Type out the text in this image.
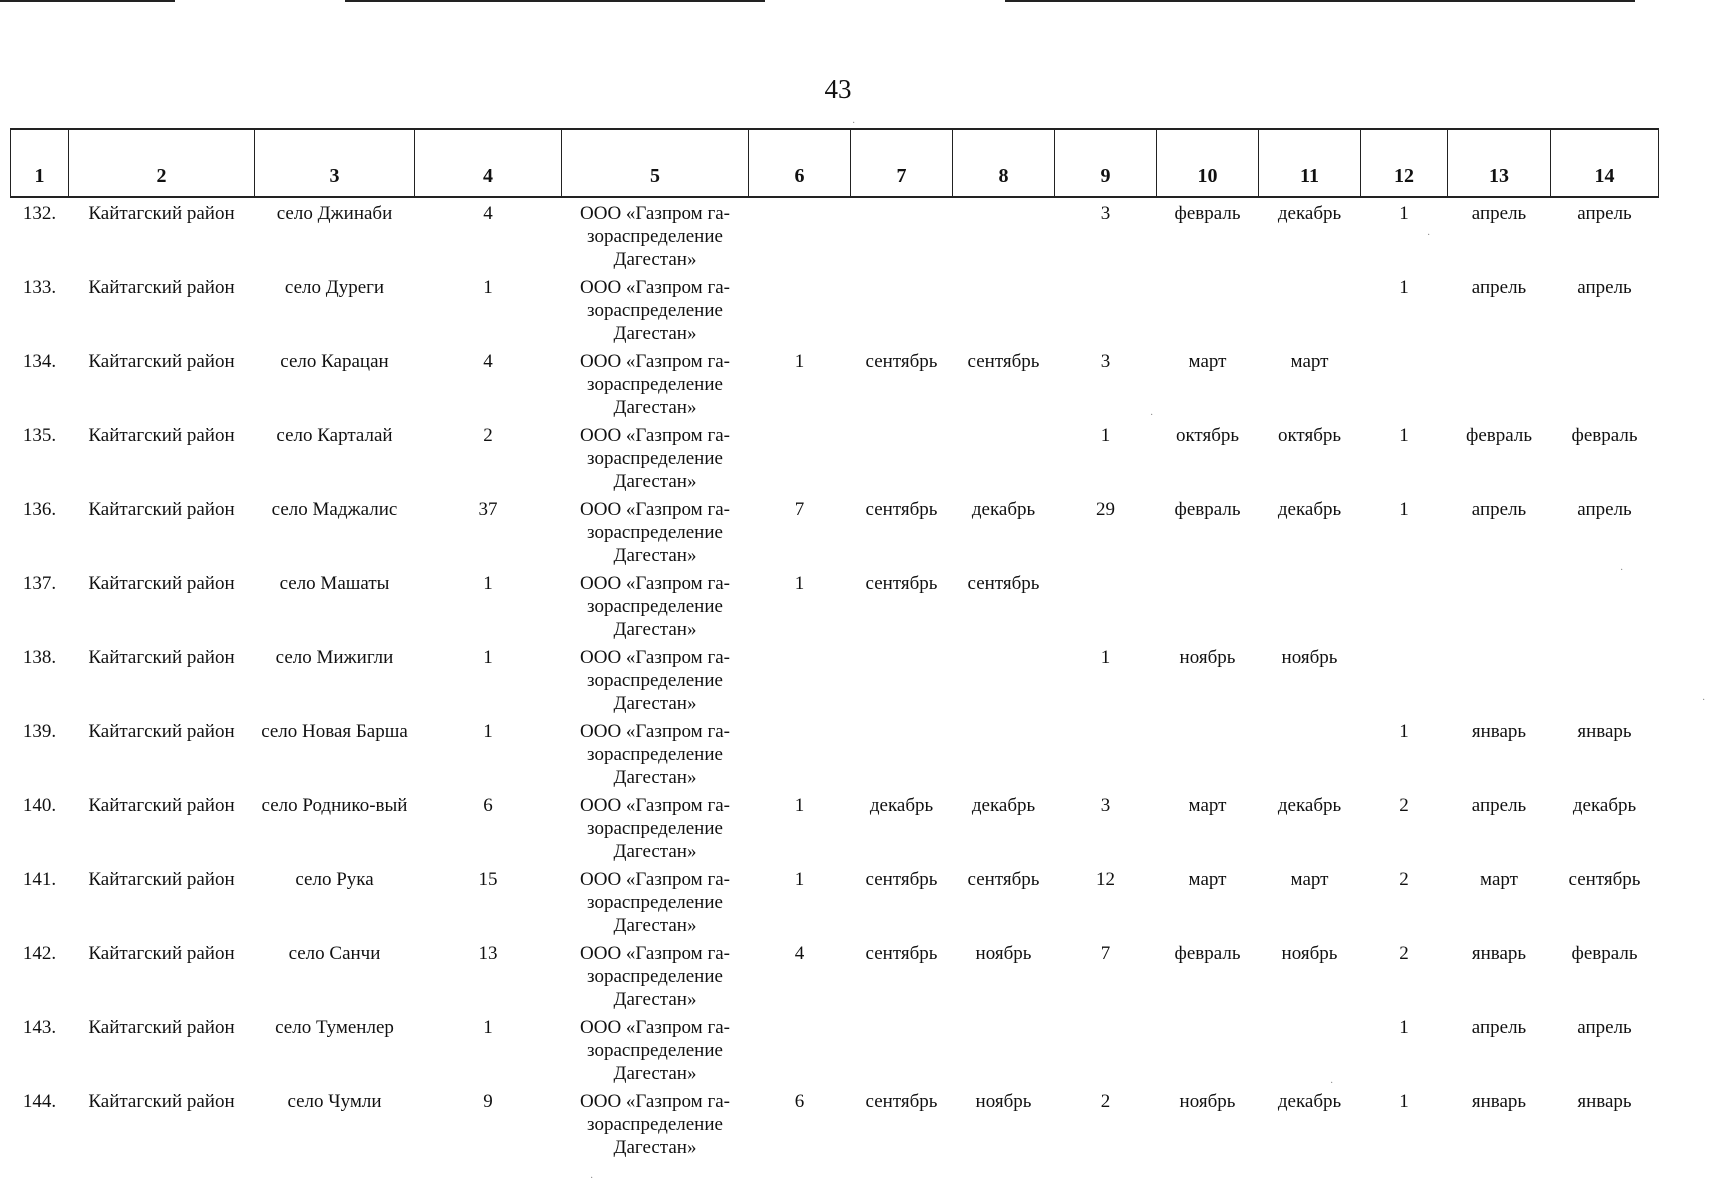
43
1	2	3	4	5	6	7	8	9	10	11	12	13	14
132.	Кайтагский район	село Джинаби	4	ООО «Газпром га-зораспределение Дагестан»				3	февраль	декабрь	1	апрель	апрель
133.	Кайтагский район	село Дуреги	1	ООО «Газпром га-зораспределение Дагестан»							1	апрель	апрель
134.	Кайтагский район	село Карацан	4	ООО «Газпром га-зораспределение Дагестан»	1	сентябрь	сентябрь	3	март	март			
135.	Кайтагский район	село Карталай	2	ООО «Газпром га-зораспределение Дагестан»				1	октябрь	октябрь	1	февраль	февраль
136.	Кайтагский район	село Маджалис	37	ООО «Газпром га-зораспределение Дагестан»	7	сентябрь	декабрь	29	февраль	декабрь	1	апрель	апрель
137.	Кайтагский район	село Машаты	1	ООО «Газпром га-зораспределение Дагестан»	1	сентябрь	сентябрь						
138.	Кайтагский район	село Мижигли	1	ООО «Газпром га-зораспределение Дагестан»				1	ноябрь	ноябрь			
139.	Кайтагский район	село Новая Барша	1	ООО «Газпром га-зораспределение Дагестан»							1	январь	январь
140.	Кайтагский район	село Роднико-вый	6	ООО «Газпром га-зораспределение Дагестан»	1	декабрь	декабрь	3	март	декабрь	2	апрель	декабрь
141.	Кайтагский район	село Рука	15	ООО «Газпром га-зораспределение Дагестан»	1	сентябрь	сентябрь	12	март	март	2	март	сентябрь
142.	Кайтагский район	село Санчи	13	ООО «Газпром га-зораспределение Дагестан»	4	сентябрь	ноябрь	7	февраль	ноябрь	2	январь	февраль
143.	Кайтагский район	село Туменлер	1	ООО «Газпром га-зораспределение Дагестан»							1	апрель	апрель
144.	Кайтагский район	село Чумли	9	ООО «Газпром га-зораспределение Дагестан»	6	сентябрь	ноябрь	2	ноябрь	декабрь	1	январь	январь
·
·
·
·
·
·
·
